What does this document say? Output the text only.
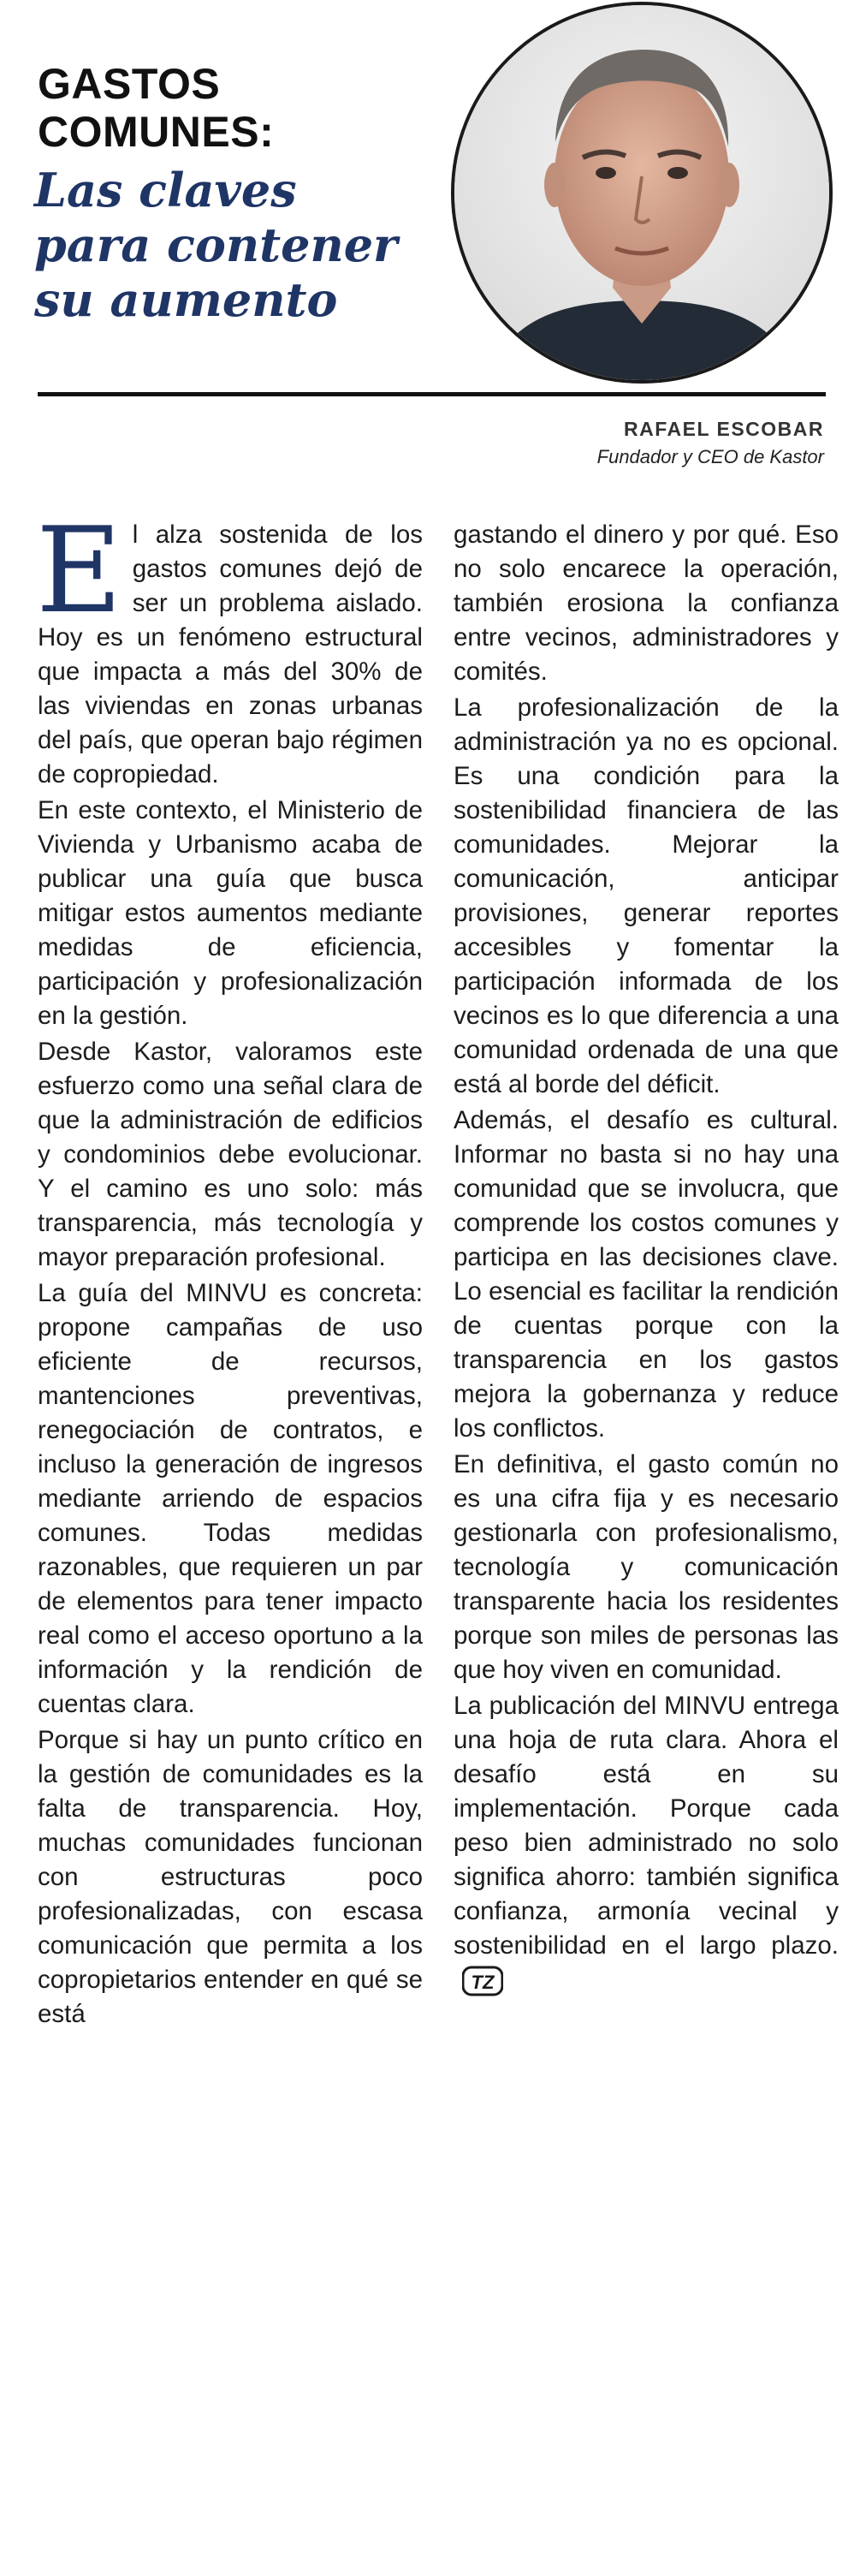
GASTOS
COMUNES:
Las claves
para contener
su aumento
RAFAEL ESCOBAR
Fundador y CEO de Kastor

El alza sostenida de los gastos comunes dejó de ser un problema aislado. Hoy es un fenómeno estructural que impacta a más del 30% de las viviendas en zonas urbanas del país, que operan bajo régimen de copropiedad.

En este contexto, el Ministerio de Vivienda y Urbanismo acaba de publicar una guía que busca mitigar estos aumentos mediante medidas de eficiencia, participación y profesionalización en la gestión.

Desde Kastor, valoramos este esfuerzo como una señal clara de que la administración de edificios y condominios debe evolucionar. Y el camino es uno solo: más transparencia, más tecnología y mayor preparación profesional.

La guía del MINVU es concreta: propone campañas de uso eficiente de recursos, mantenciones preventivas, renegociación de contratos, e incluso la generación de ingresos mediante arriendo de espacios comunes. Todas medidas razonables, que requieren un par de elementos para tener impacto real como el acceso oportuno a la información y la rendición de cuentas clara.

Porque si hay un punto crítico en la gestión de comunidades es la falta de transparencia. Hoy, muchas comunidades funcionan con estructuras poco profesionalizadas, con escasa comunicación que permita a los copropietarios entender en qué se está

gastando el dinero y por qué. Eso no solo encarece la operación, también erosiona la confianza entre vecinos, administradores y comités.

La profesionalización de la administración ya no es opcional. Es una condición para la sostenibilidad financiera de las comunidades. Mejorar la comunicación, anticipar provisiones, generar reportes accesibles y fomentar la participación informada de los vecinos es lo que diferencia a una comunidad ordenada de una que está al borde del déficit.

Además, el desafío es cultural. Informar no basta si no hay una comunidad que se involucra, que comprende los costos comunes y participa en las decisiones clave. Lo esencial es facilitar la rendición de cuentas porque con la transparencia en los gastos mejora la gobernanza y reduce los conflictos.

En definitiva, el gasto común no es una cifra fija y es necesario gestionarla con profesionalismo, tecnología y comunicación transparente hacia los residentes porque son miles de personas las que hoy viven en comunidad.

La publicación del MINVU entrega una hoja de ruta clara. Ahora el desafío está en su implementación. Porque cada peso bien administrado no solo significa ahorro: también significa confianza, armonía vecinal y sostenibilidad en el largo plazo.
TZ
